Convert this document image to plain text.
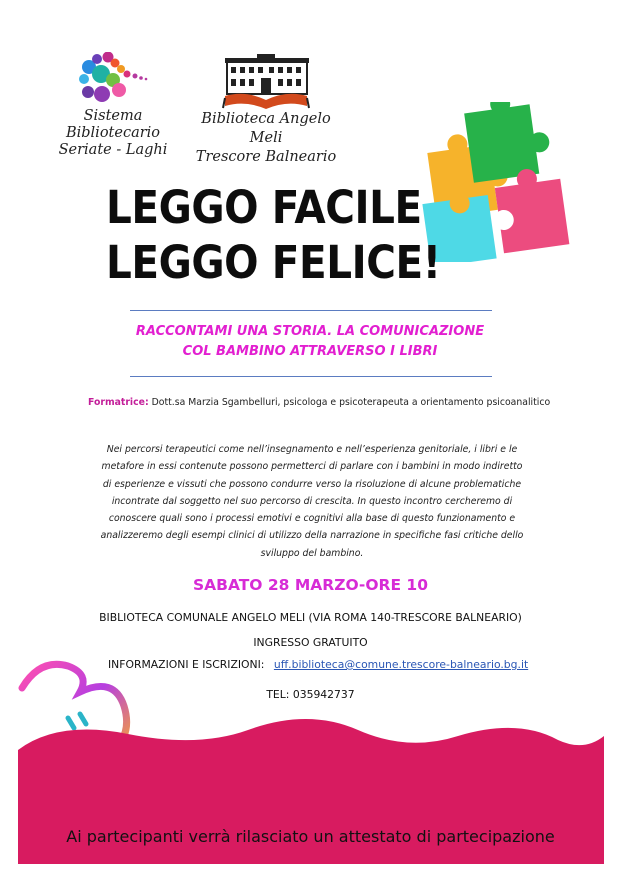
Sistema Bibliotecario
Seriate - Laghi
Biblioteca Angelo Meli
Trescore Balneario
LEGGO FACILE
LEGGO FELICE!
RACCONTAMI UNA STORIA. LA COMUNICAZIONE
COL BAMBINO ATTRAVERSO I LIBRI
Formatrice: Dott.sa Marzia Sgambelluri, psicologa e psicoterapeuta a orientamento psicoanalitico
Nei percorsi terapeutici come nell’insegnamento e nell’esperienza genitoriale, i libri e le
metafore in essi contenute possono permetterci di parlare con i bambini in modo indiretto
di esperienze e vissuti che possono condurre verso la risoluzione di alcune problematiche
incontrate dal soggetto nel suo percorso di crescita. In questo incontro cercheremo di
conoscere quali sono i processi emotivi e cognitivi alla base di questo funzionamento e
analizzeremo degli esempi clinici di utilizzo della narrazione in specifiche fasi critiche dello
sviluppo del bambino.
SABATO 28 MARZO-ORE 10
BIBLIOTECA COMUNALE ANGELO MELI (VIA ROMA 140-TRESCORE BALNEARIO)
INGRESSO GRATUITO
INFORMAZIONI E ISCRIZIONI: uff.biblioteca@comune.trescore-balneario.bg.it
TEL: 035942737
Ai partecipanti verrà rilasciato un attestato di partecipazione
